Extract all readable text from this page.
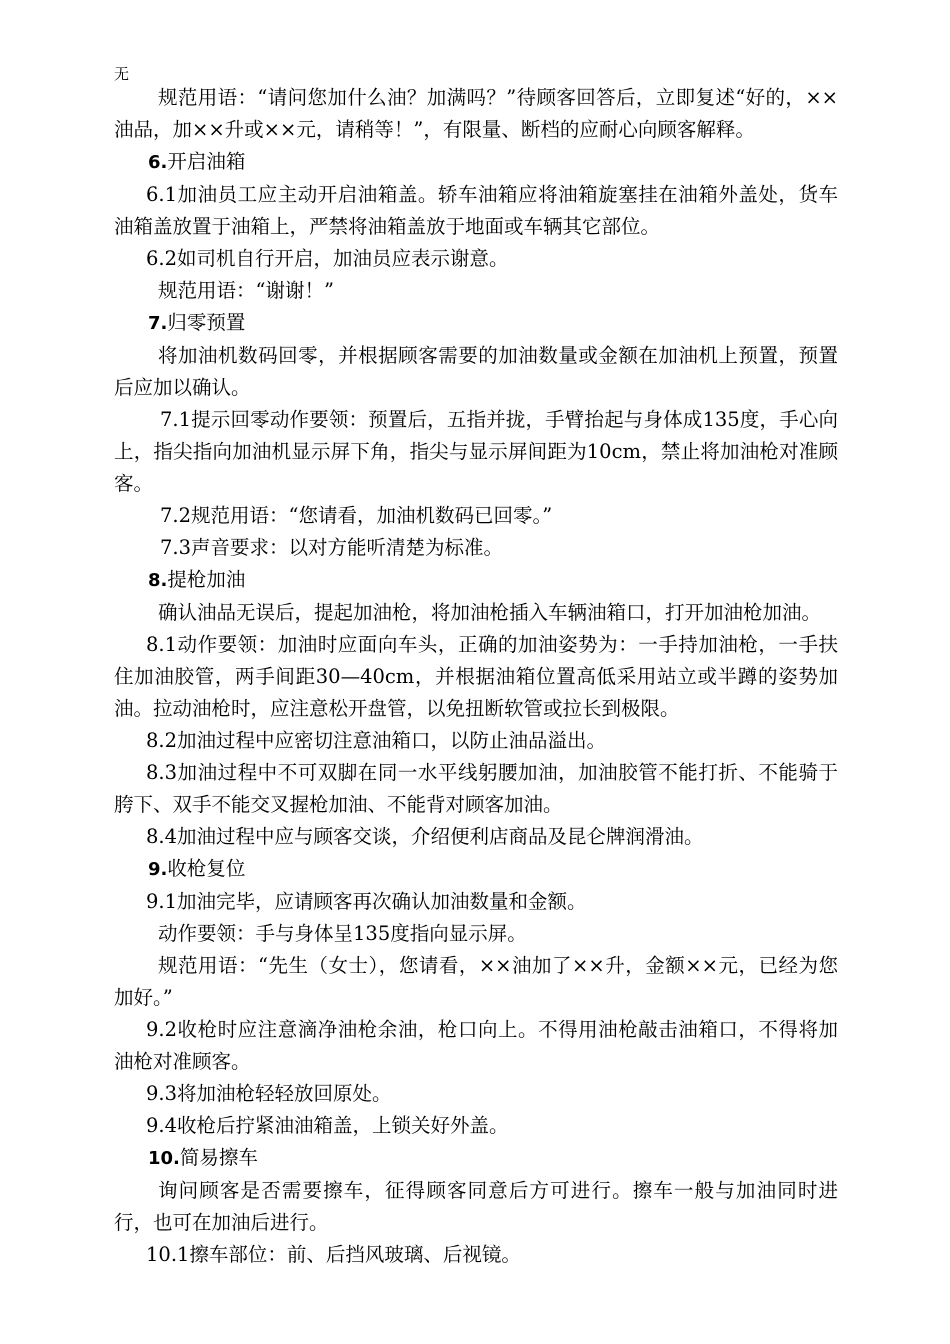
无

规范用语：“请问您加什么油？加满吗？”待顾客回答后，立即复述“好的，××油品，加××升或××元，请稍等！”，有限量、断档的应耐心向顾客解释。

6.开启油箱

6.1加油员工应主动开启油箱盖。轿车油箱应将油箱旋塞挂在油箱外盖处，货车油箱盖放置于油箱上，严禁将油箱盖放于地面或车辆其它部位。

6.2如司机自行开启，加油员应表示谢意。

规范用语：“谢谢！”

7.归零预置

将加油机数码回零，并根据顾客需要的加油数量或金额在加油机上预置，预置后应加以确认。

7.1提示回零动作要领：预置后，五指并拢，手臂抬起与身体成135度，手心向上，指尖指向加油机显示屏下角，指尖与显示屏间距为10cm，禁止将加油枪对准顾客。

7.2规范用语：“您请看，加油机数码已回零。”

7.3声音要求：以对方能听清楚为标准。

8.提枪加油

确认油品无误后，提起加油枪，将加油枪插入车辆油箱口，打开加油枪加油。

8.1动作要领：加油时应面向车头，正确的加油姿势为：一手持加油枪，一手扶住加油胶管，两手间距30—40cm，并根据油箱位置高低采用站立或半蹲的姿势加油。拉动油枪时，应注意松开盘管，以免扭断软管或拉长到极限。

8.2加油过程中应密切注意油箱口，以防止油品溢出。

8.3加油过程中不可双脚在同一水平线躬腰加油，加油胶管不能打折、不能骑于胯下、双手不能交叉握枪加油、不能背对顾客加油。

8.4加油过程中应与顾客交谈，介绍便利店商品及昆仑牌润滑油。

9.收枪复位

9.1加油完毕，应请顾客再次确认加油数量和金额。

动作要领：手与身体呈135度指向显示屏。

规范用语：“先生（女士），您请看，××油加了××升，金额××元，已经为您加好。”

9.2收枪时应注意滴净油枪余油，枪口向上。不得用油枪敲击油箱口，不得将加油枪对准顾客。

9.3将加油枪轻轻放回原处。

9.4收枪后拧紧油油箱盖，上锁关好外盖。

10.简易擦车

询问顾客是否需要擦车，征得顾客同意后方可进行。擦车一般与加油同时进行，也可在加油后进行。

10.1擦车部位：前、后挡风玻璃、后视镜。
